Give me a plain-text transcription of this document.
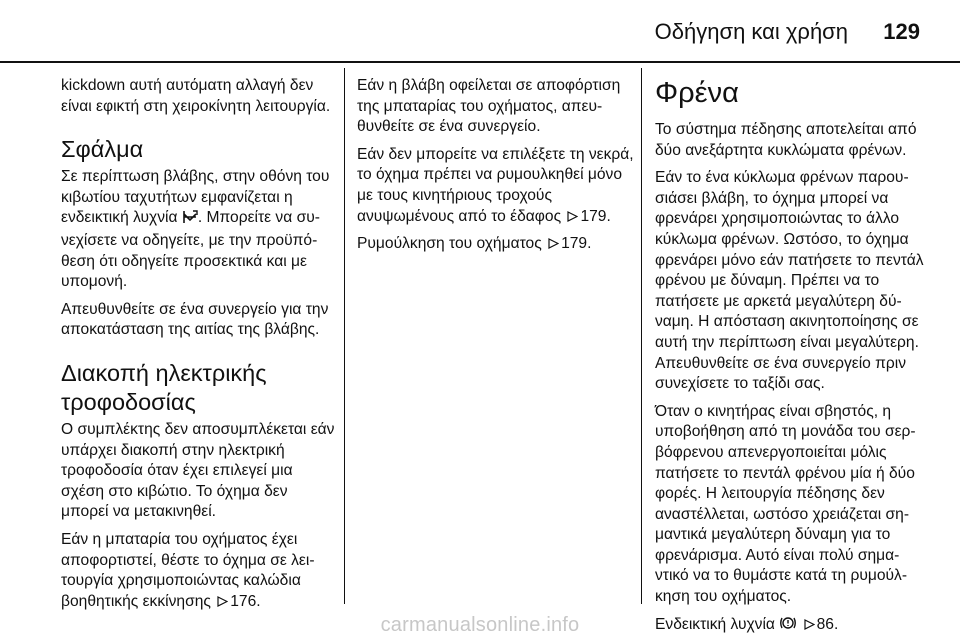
Οδήγηση και χρήση 129

kickdown αυτή αυτόματη αλλαγή δεν είναι εφικτή στη χειροκίνητη λειτουργία.

Σφάλμα

Σε περίπτωση βλάβης, στην οθόνη του κιβωτίου ταχυτήτων εμφανίζεται η ενδεικτική λυχνία . Μπορείτε να συνεχίσετε να οδηγείτε, με την προϋπόθεση ότι οδηγείτε προσεκτικά και με υπομονή.

Απευθυνθείτε σε ένα συνεργείο για την αποκατάσταση της αιτίας της βλάβης.

Διακοπή ηλεκτρικής τροφοδοσίας

Ο συμπλέκτης δεν αποσυμπλέκεται εάν υπάρχει διακοπή στην ηλεκτρική τροφοδοσία όταν έχει επιλεγεί μια σχέση στο κιβώτιο. Το όχημα δεν μπορεί να μετακινηθεί.

Εάν η μπαταρία του οχήματος έχει αποφορτιστεί, θέστε το όχημα σε λειτουργία χρησιμοποιώντας καλώδια βοηθητικής εκκίνησης 176.

Εάν η βλάβη οφείλεται σε αποφόρτιση της μπαταρίας του οχήματος, απευθυνθείτε σε ένα συνεργείο.

Εάν δεν μπορείτε να επιλέξετε τη νεκρά, το όχημα πρέπει να ρυμουλκηθεί μόνο με τους κινητήριους τροχούς ανυψωμένους από το έδαφος 179.

Ρυμούλκηση του οχήματος 179.

Φρένα

Το σύστημα πέδησης αποτελείται από δύο ανεξάρτητα κυκλώματα φρένων.

Εάν το ένα κύκλωμα φρένων παρουσιάσει βλάβη, το όχημα μπορεί να φρενάρει χρησιμοποιώντας το άλλο κύκλωμα φρένων. Ωστόσο, το όχημα φρενάρει μόνο εάν πατήσετε το πεντάλ φρένου με δύναμη. Πρέπει να το πατήσετε με αρκετά μεγαλύτερη δύναμη. Η απόσταση ακινητοποίησης σε αυτή την περίπτωση είναι μεγαλύτερη. Απευθυνθείτε σε ένα συνεργείο πριν συνεχίσετε το ταξίδι σας.

Όταν ο κινητήρας είναι σβηστός, η υποβοήθηση από τη μονάδα του σερβόφρενου απενεργοποιείται μόλις πατήσετε το πεντάλ φρένου μία ή δύο φορές. Η λειτουργία πέδησης δεν αναστέλλεται, ωστόσο χρειάζεται σημαντικά μεγαλύτερη δύναμη για το φρενάρισμα. Αυτό είναι πολύ σημαντικό να το θυμάστε κατά τη ρυμούλκηση του οχήματος.

Ενδεικτική λυχνία	86.

carmanualsonline.info
